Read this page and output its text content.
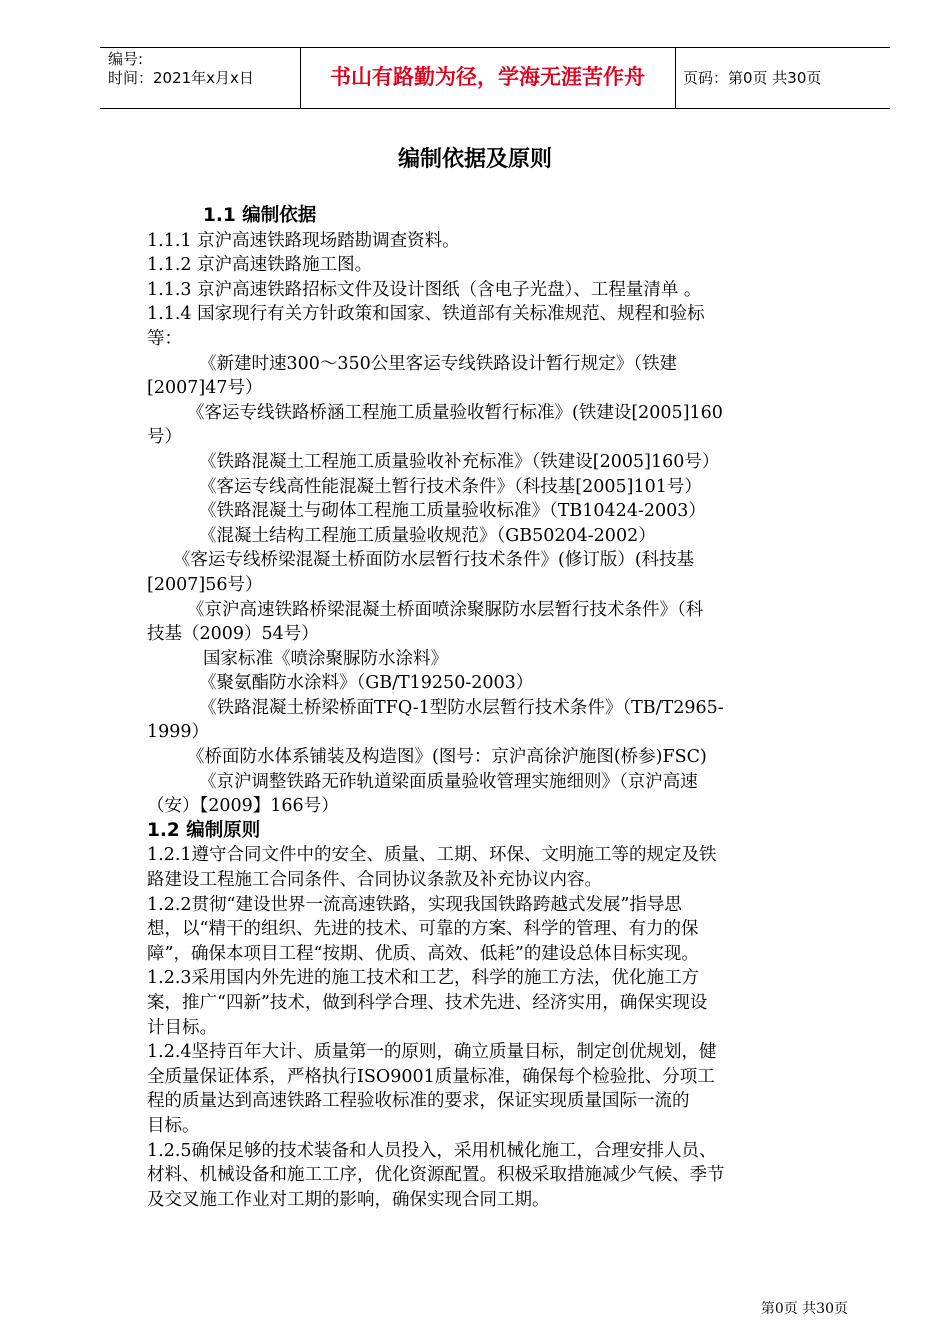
编号:
时间：2021年x月x日	书山有路勤为径，学海无涯苦作舟	页码：第0页 共30页
编制依据及原则

1.1 编制依据

1.1.1 京沪高速铁路现场踏勘调查资料。

1.1.2 京沪高速铁路施工图。

1.1.3 京沪高速铁路招标文件及设计图纸（含电子光盘）、工程量清单 。

1.1.4 国家现行有关方针政策和国家、铁道部有关标准规范、规程和验标

等：

《新建时速300～350公里客运专线铁路设计暂行规定》（铁建

[2007]47号）

《客运专线铁路桥涵工程施工质量验收暂行标准》(铁建设[2005]160

号）

《铁路混凝土工程施工质量验收补充标准》（铁建设[2005]160号）

《客运专线高性能混凝土暂行技术条件》（科技基[2005]101号）

《铁路混凝土与砌体工程施工质量验收标准》（TB10424-2003）

《混凝土结构工程施工质量验收规范》（GB50204-2002）

《客运专线桥梁混凝土桥面防水层暂行技术条件》(修订版）(科技基

[2007]56号）

《京沪高速铁路桥梁混凝土桥面喷涂聚脲防水层暂行技术条件》（科

技基（2009）54号）

国家标准《喷涂聚脲防水涂料》

《聚氨酯防水涂料》（GB/T19250-2003）

《铁路混凝土桥梁桥面TFQ-1型防水层暂行技术条件》（TB/T2965-

1999）

《桥面防水体系铺装及构造图》(图号：京沪高徐沪施图(桥参)FSC)

《京沪调整铁路无砟轨道梁面质量验收管理实施细则》（京沪高速

（安）【2009】166号）

1.2 编制原则

1.2.1遵守合同文件中的安全、质量、工期、环保、文明施工等的规定及铁

路建设工程施工合同条件、合同协议条款及补充协议内容。

1.2.2贯彻“建设世界一流高速铁路，实现我国铁路跨越式发展”指导思

想，以“精干的组织、先进的技术、可靠的方案、科学的管理、有力的保

障”，确保本项目工程“按期、优质、高效、低耗”的建设总体目标实现。

1.2.3采用国内外先进的施工技术和工艺，科学的施工方法，优化施工方

案，推广“四新”技术，做到科学合理、技术先进、经济实用，确保实现设

计目标。

1.2.4坚持百年大计、质量第一的原则，确立质量目标，制定创优规划，健

全质量保证体系，严格执行ISO9001质量标准，确保每个检验批、分项工

程的质量达到高速铁路工程验收标准的要求，保证实现质量国际一流的

目标。

1.2.5确保足够的技术装备和人员投入，采用机械化施工，合理安排人员、

材料、机械设备和施工工序，优化资源配置。积极采取措施减少气候、季节

及交叉施工作业对工期的影响，确保实现合同工期。

第0页 共30页
